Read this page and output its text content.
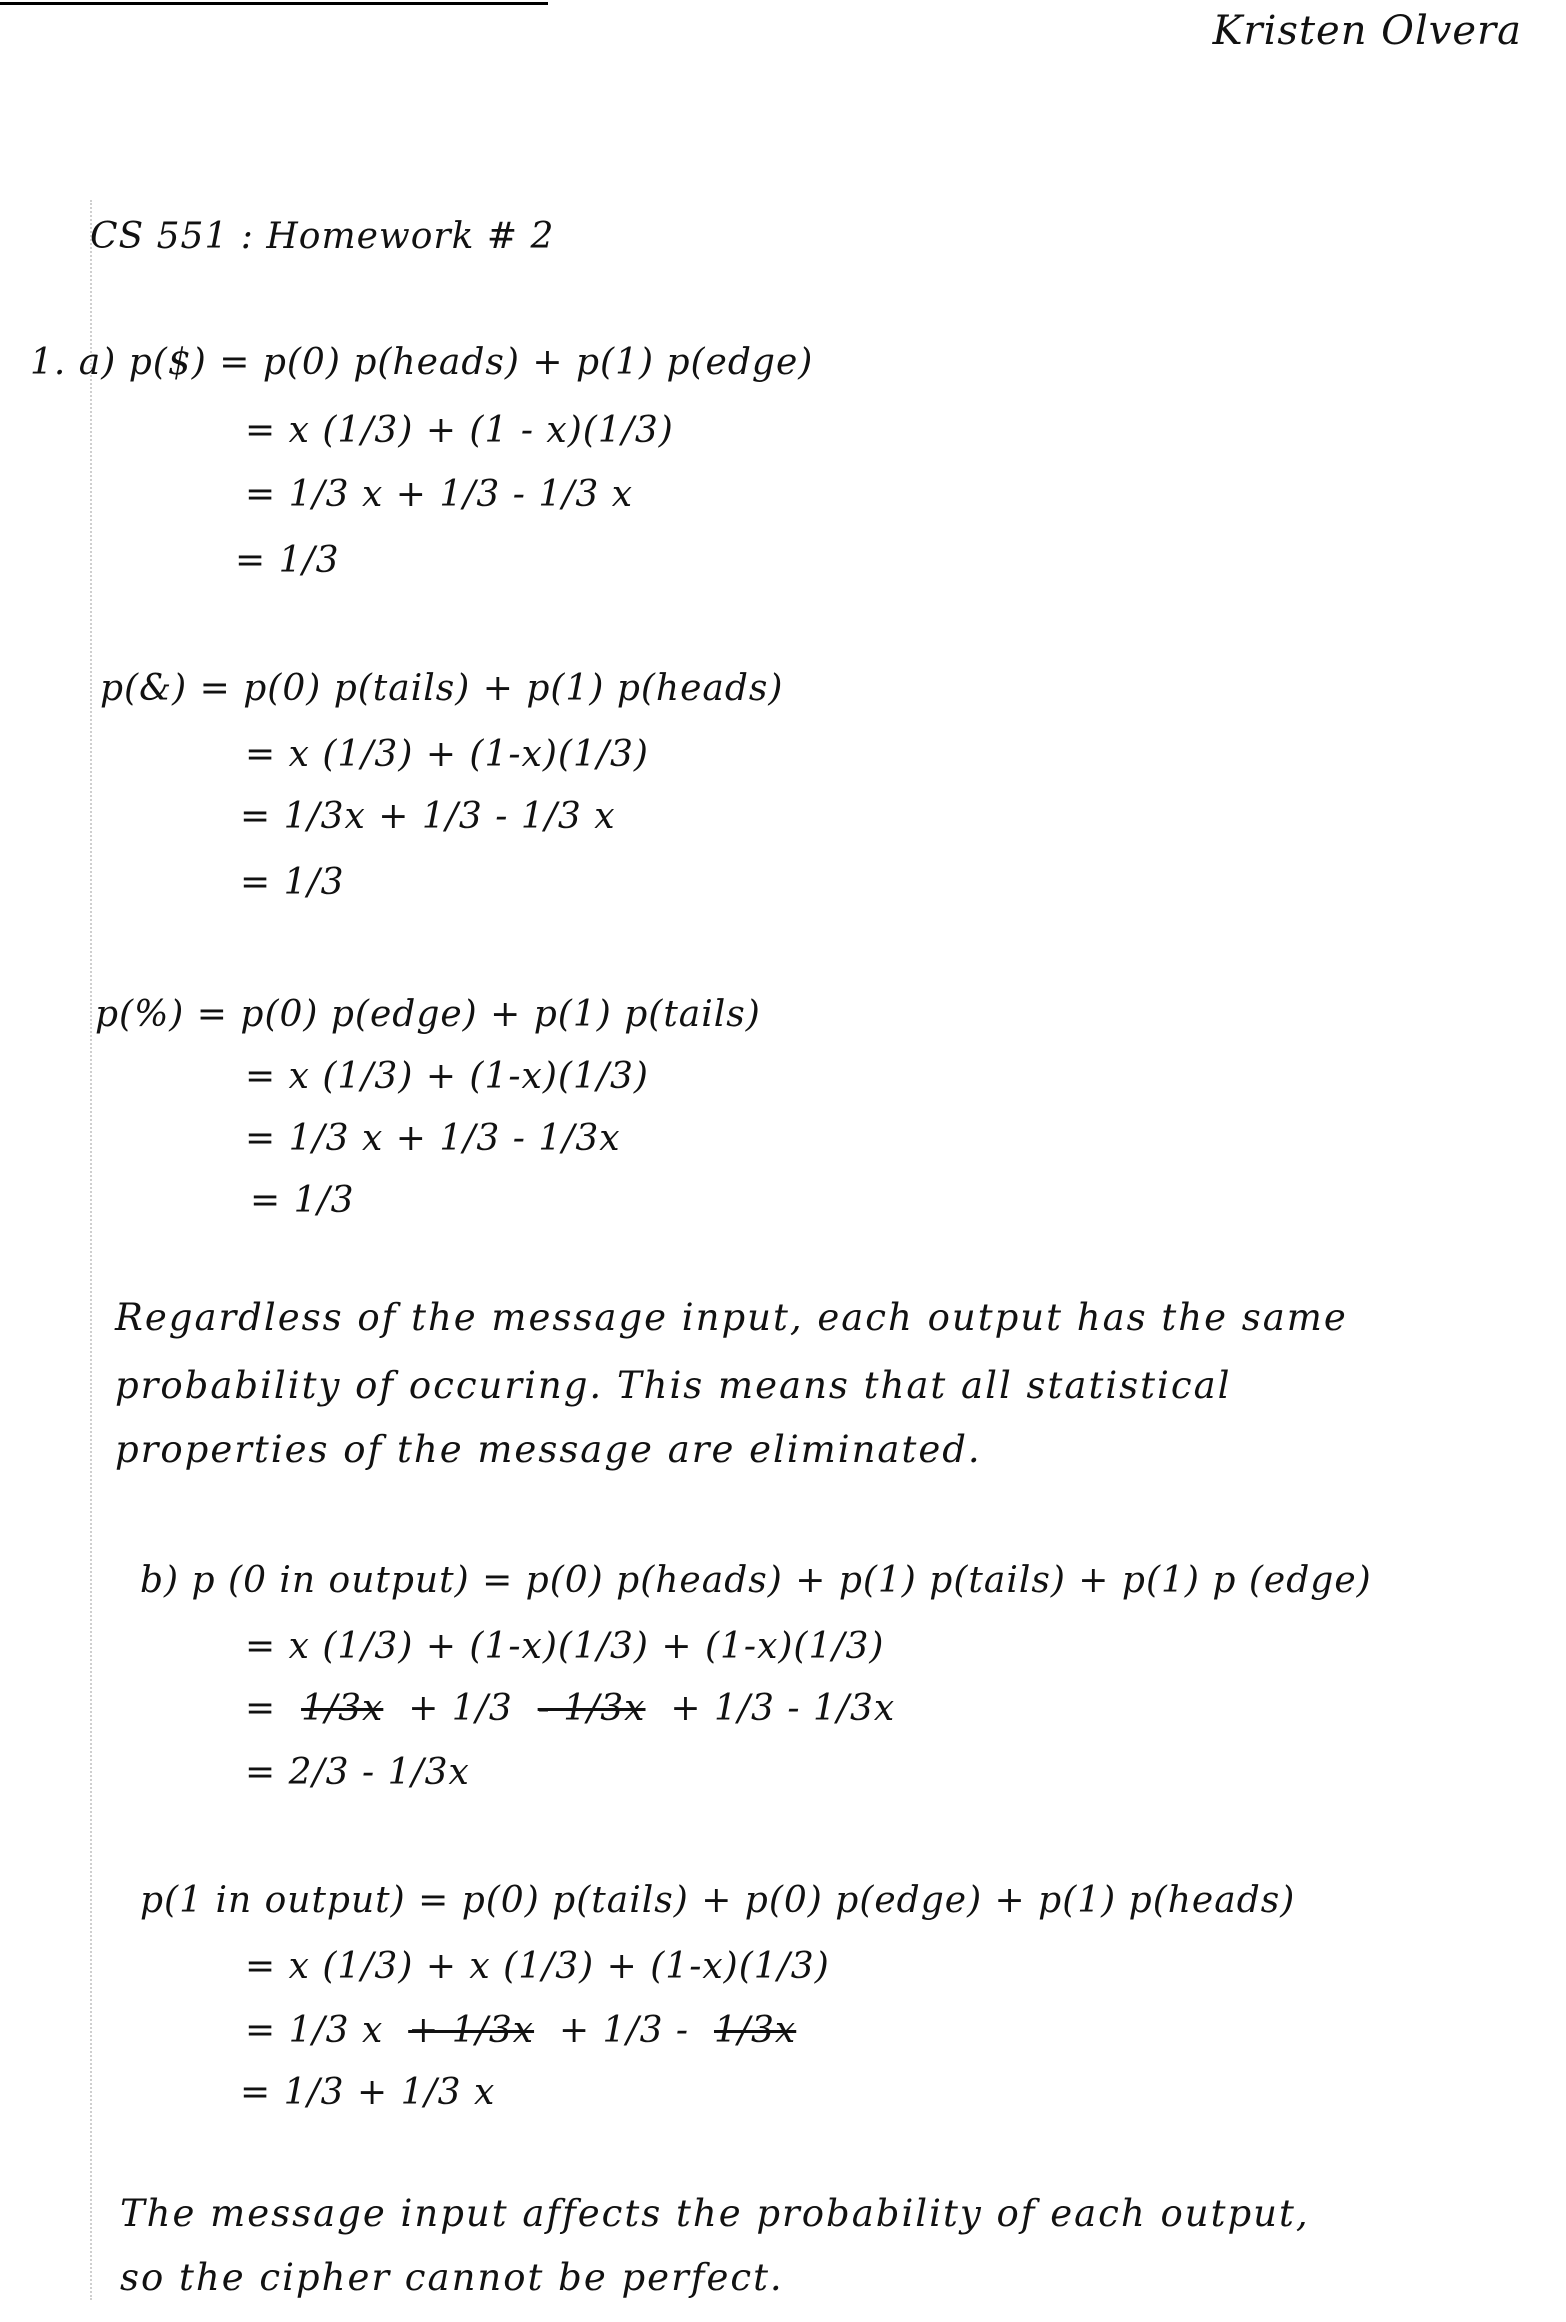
Kristen Olvera
CS 551 : Homework # 2
1. a) p($) = p(0) p(heads) + p(1) p(edge)
= x (1/3) + (1 - x)(1/3)
= 1/3 x + 1/3 - 1/3 x
= 1/3
p(&) = p(0) p(tails) + p(1) p(heads)
= x (1/3) + (1-x)(1/3)
= 1/3x + 1/3 - 1/3 x
= 1/3
p(%) = p(0) p(edge) + p(1) p(tails)
= x (1/3) + (1-x)(1/3)
= 1/3 x + 1/3 - 1/3x
= 1/3
Regardless of the message input, each output has the same
probability of occuring. This means that all statistical
properties of the message are eliminated.
b) p (0 in output) = p(0) p(heads) + p(1) p(tails) + p(1) p (edge)
= x (1/3) + (1-x)(1/3) + (1-x)(1/3)
=  1/3x + 1/3 - 1/3x + 1/3 - 1/3x
= 2/3 - 1/3x
p(1 in output) = p(0) p(tails) + p(0) p(edge) + p(1) p(heads)
= x (1/3) + x (1/3) + (1-x)(1/3)
= 1/3 x + 1/3x + 1/3 - 1/3x
= 1/3 + 1/3 x
The message input affects the probability of each output,
so the cipher cannot be perfect.
